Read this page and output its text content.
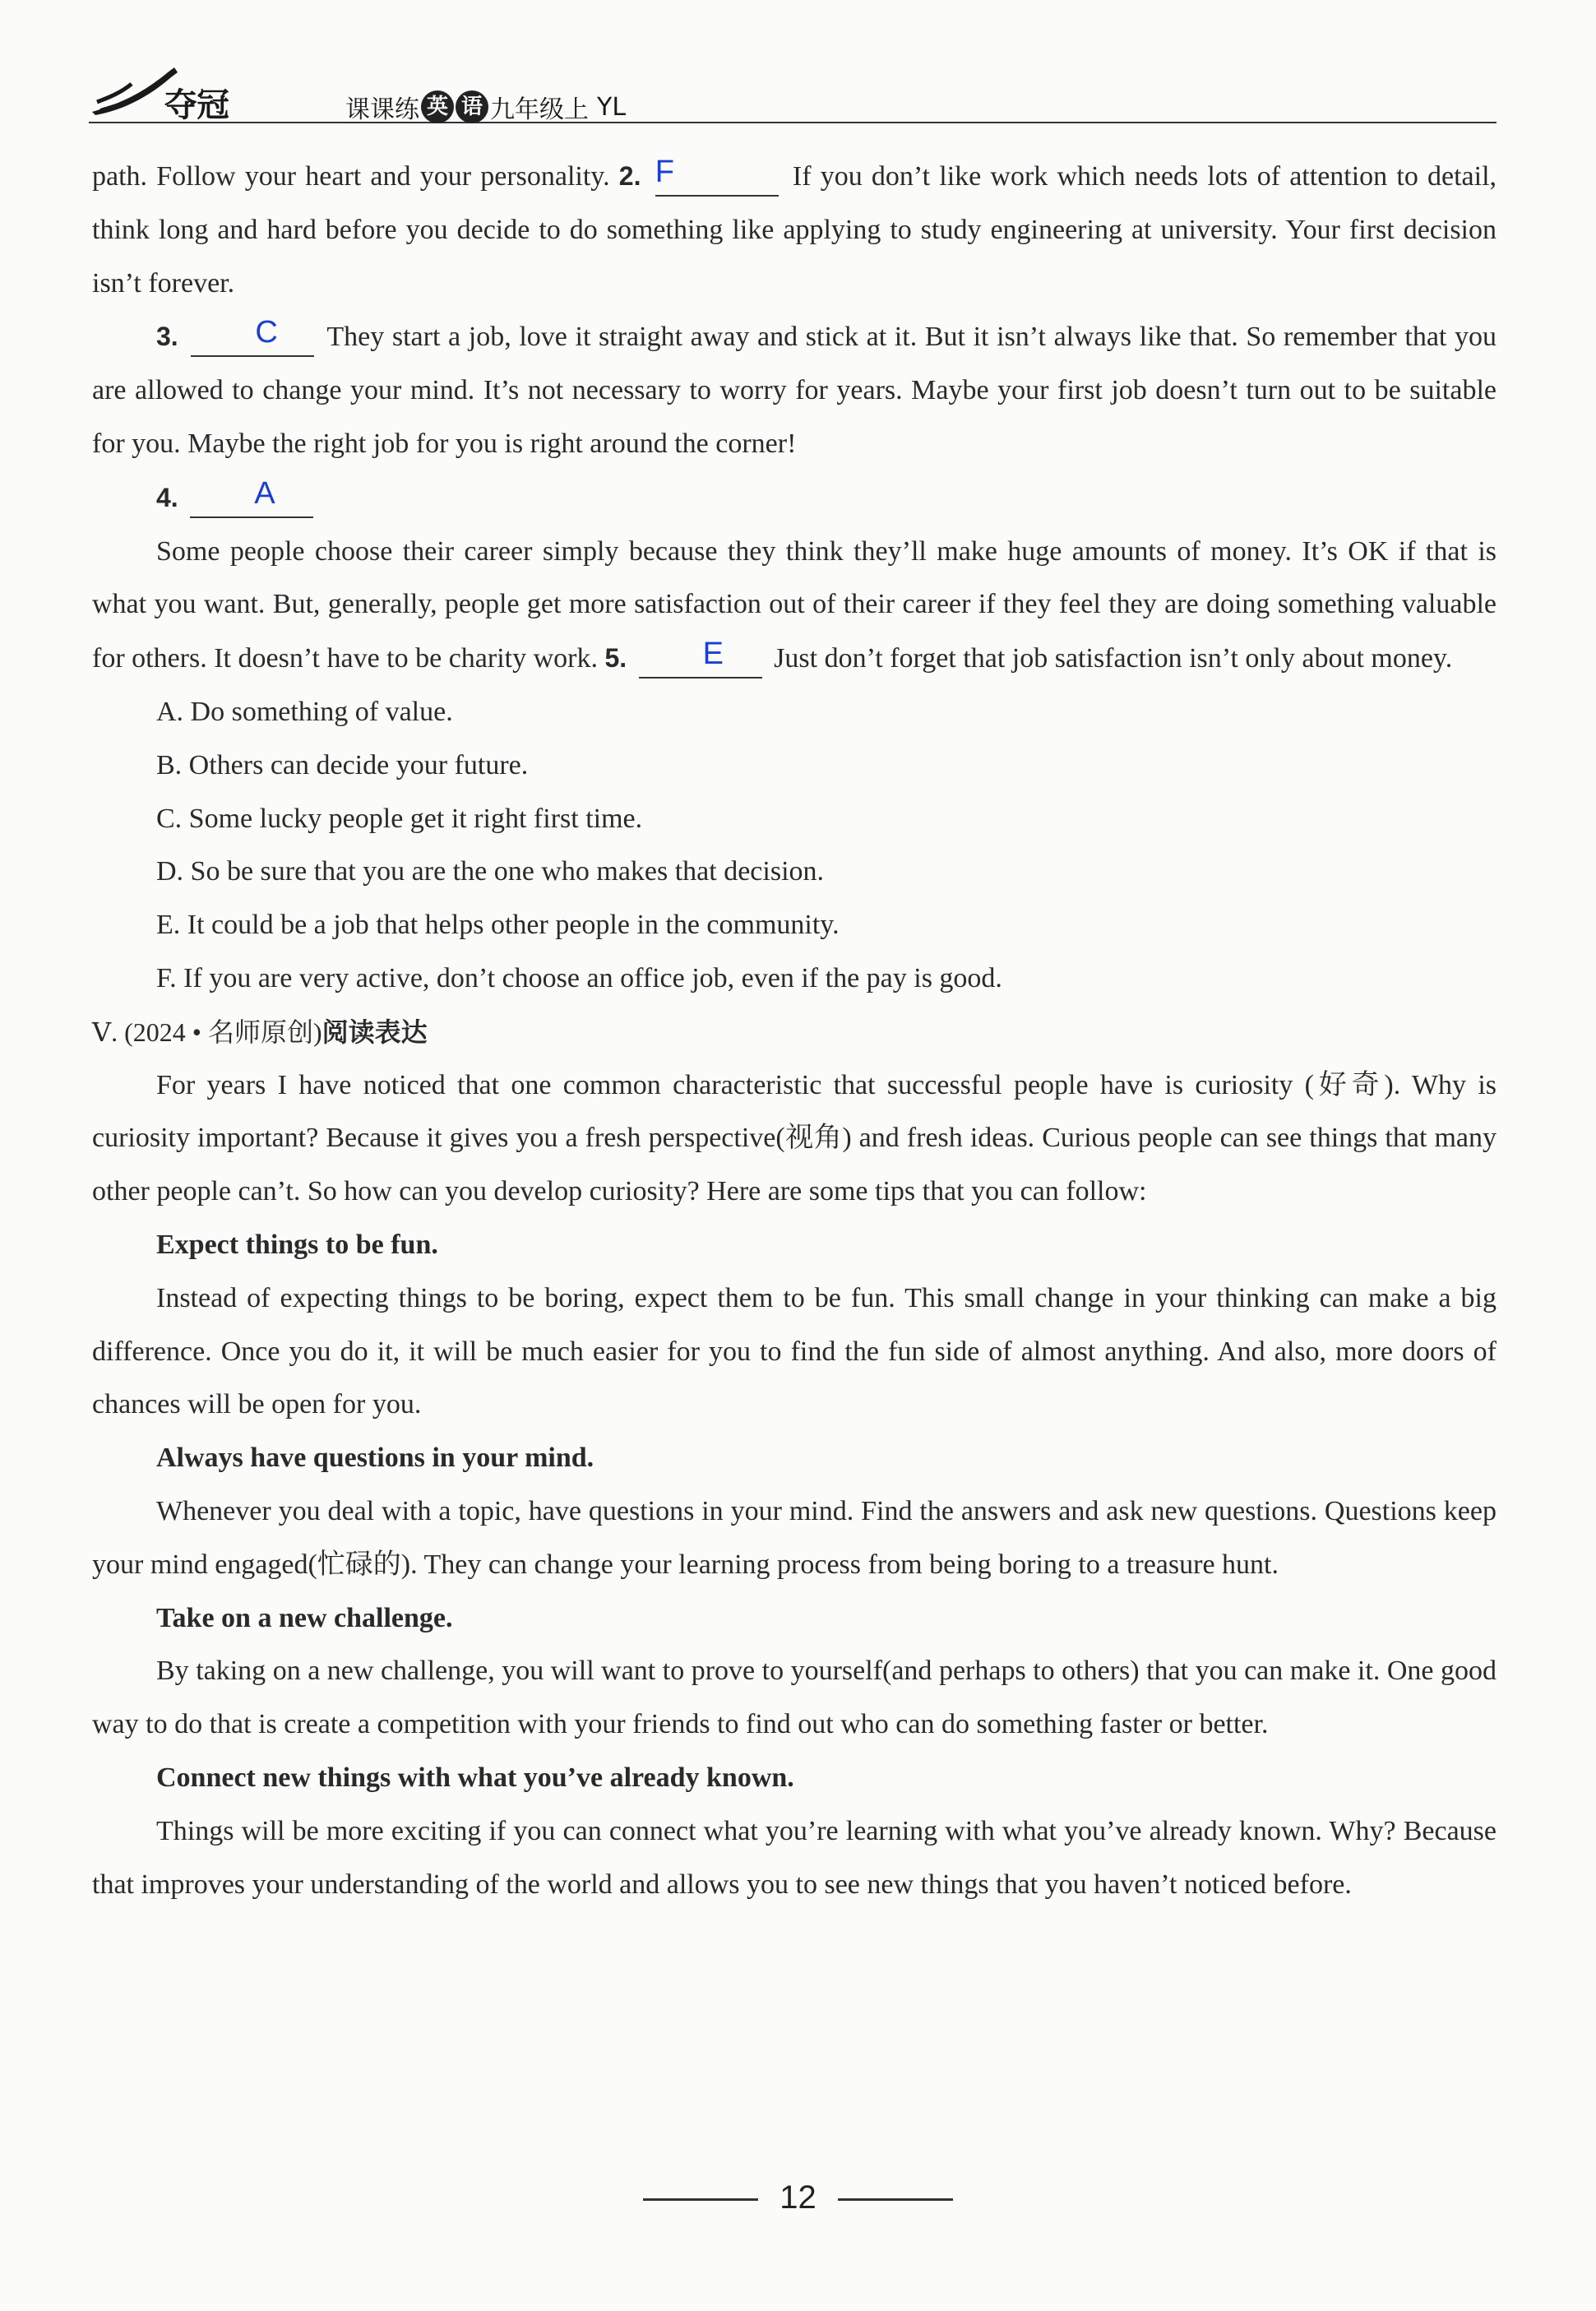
夺冠	课课练 英 语 九年级上 YL

path. Follow your heart and your personality. 2. F	If you don’t like work which needs lots of attention to detail, think long and hard before you decide to do something like applying to study engineering at university. Your first decision isn’t forever.

3.	C	They start a job, love it straight away and stick at it. But it isn’t always like that. So remember that you are allowed to change your mind. It’s not necessary to worry for years. Maybe your first job doesn’t turn out to be suitable for you. Maybe the right job for you is right around the corner!

4.	A

Some people choose their career simply because they think they’ll make huge amounts of money. It’s OK if that is what you want. But, generally, people get more satisfaction out of their career if they feel they are doing something valuable for others. It doesn’t have to be charity work. 5.	E	Just don’t forget that job satisfaction isn’t only about money.

A. Do something of value.

B. Others can decide your future.

C. Some lucky people get it right first time.

D. So be sure that you are the one who makes that decision.

E. It could be a job that helps other people in the community.

F. If you are very active, don’t choose an office job, even if the pay is good.

Ⅴ. (2024 • 名师原创)阅读表达

For years I have noticed that one common characteristic that successful people have is curiosity (好奇). Why is curiosity important? Because it gives you a fresh perspective(视角) and fresh ideas. Curious people can see things that many other people can’t. So how can you develop curiosity? Here are some tips that you can follow:

Expect things to be fun.

Instead of expecting things to be boring, expect them to be fun. This small change in your thinking can make a big difference. Once you do it, it will be much easier for you to find the fun side of almost anything. And also, more doors of chances will be open for you.

Always have questions in your mind.

Whenever you deal with a topic, have questions in your mind. Find the answers and ask new questions. Questions keep your mind engaged(忙碌的). They can change your learning process from being boring to a treasure hunt.

Take on a new challenge.

By taking on a new challenge, you will want to prove to yourself(and perhaps to others) that you can make it. One good way to do that is create a competition with your friends to find out who can do something faster or better.

Connect new things with what you’ve already known.

Things will be more exciting if you can connect what you’re learning with what you’ve already known. Why? Because that improves your understanding of the world and allows you to see new things that you haven’t noticed before.

12
